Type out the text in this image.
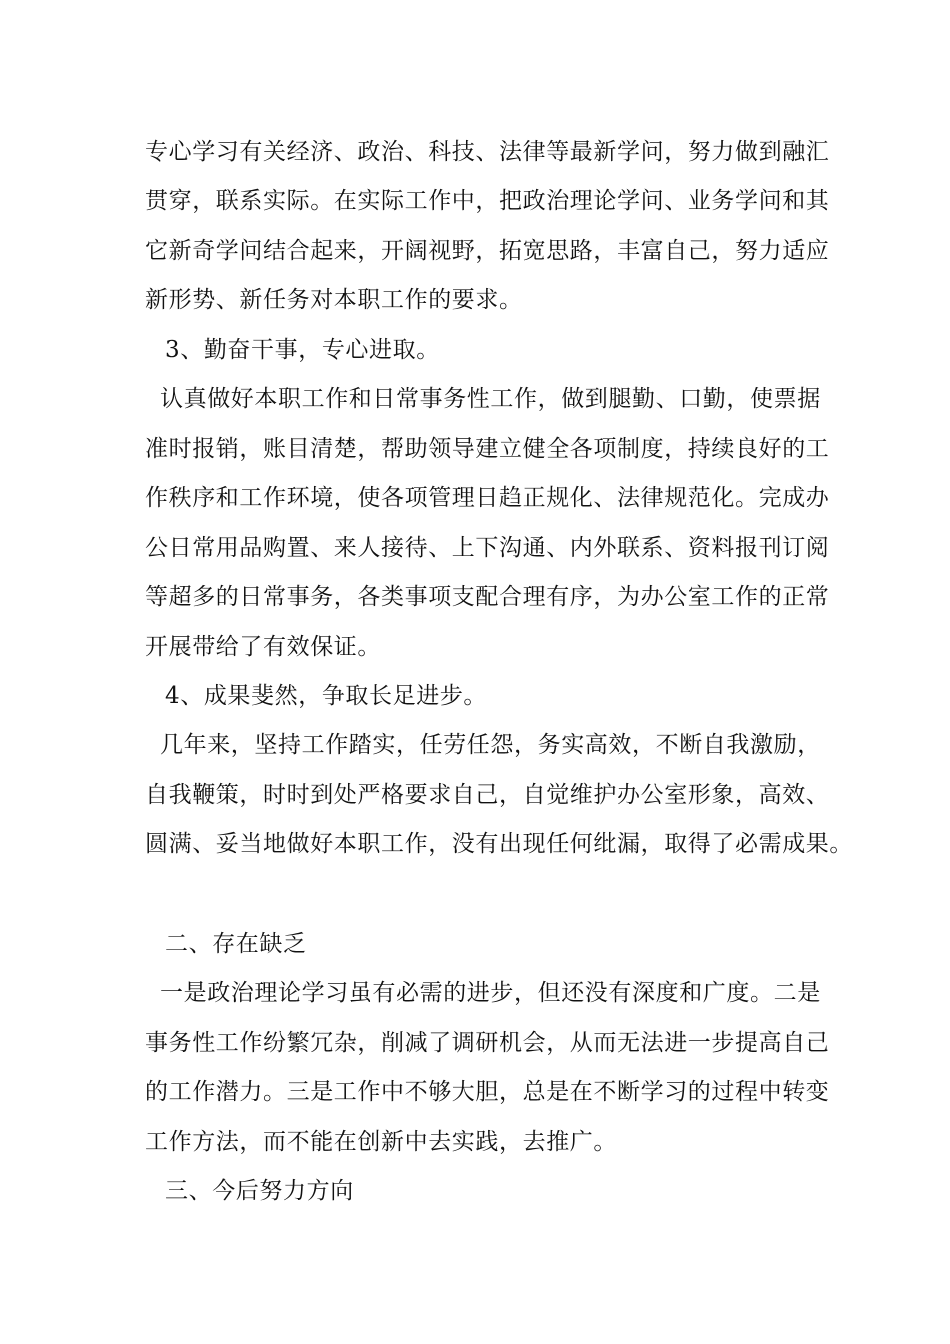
专心学习有关经济、政治、科技、法律等最新学问，努力做到融汇
贯穿，联系实际。在实际工作中，把政治理论学问、业务学问和其
它新奇学问结合起来，开阔视野，拓宽思路，丰富自己，努力适应
新形势、新任务对本职工作的要求。
3、勤奋干事，专心进取。
认真做好本职工作和日常事务性工作，做到腿勤、口勤，使票据
准时报销，账目清楚，帮助领导建立健全各项制度，持续良好的工
作秩序和工作环境，使各项管理日趋正规化、法律规范化。完成办
公日常用品购置、来人接待、上下沟通、内外联系、资料报刊订阅
等超多的日常事务，各类事项支配合理有序，为办公室工作的正常
开展带给了有效保证。
4、成果斐然，争取长足进步。
几年来，坚持工作踏实，任劳任怨，务实高效，不断自我激励，
自我鞭策，时时到处严格要求自己，自觉维护办公室形象，高效、
圆满、妥当地做好本职工作，没有出现任何纰漏，取得了必需成果。
二、存在缺乏
一是政治理论学习虽有必需的进步，但还没有深度和广度。二是
事务性工作纷繁冗杂，削减了调研机会，从而无法进一步提高自己
的工作潜力。三是工作中不够大胆，总是在不断学习的过程中转变
工作方法，而不能在创新中去实践，去推广。
三、今后努力方向
